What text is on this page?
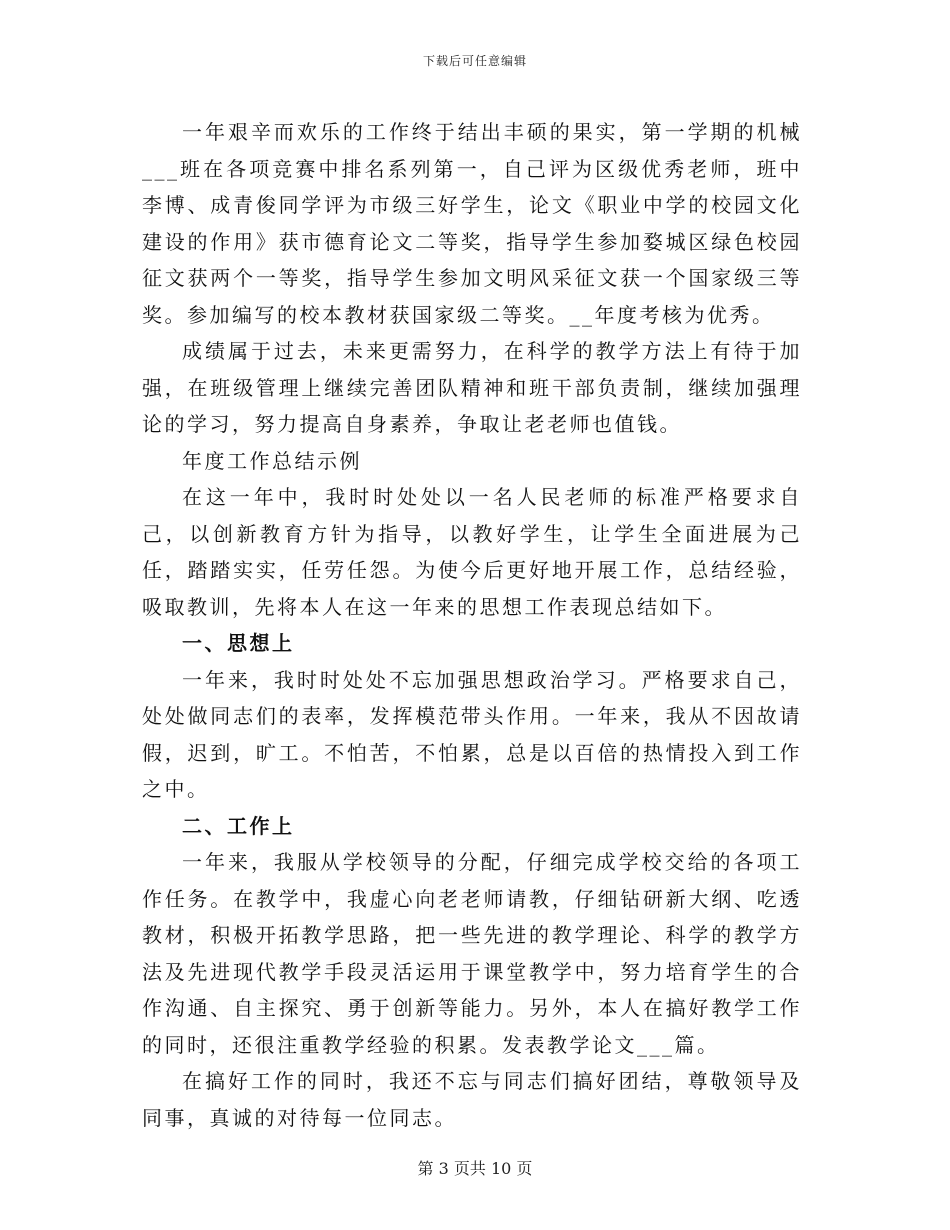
下载后可任意编辑

一年艰辛而欢乐的工作终于结出丰硕的果实，第一学期的机械___班在各项竞赛中排名系列第一，自己评为区级优秀老师，班中李博、成青俊同学评为市级三好学生，论文《职业中学的校园文化建设的作用》获市德育论文二等奖，指导学生参加婺城区绿色校园征文获两个一等奖，指导学生参加文明风采征文获一个国家级三等奖。参加编写的校本教材获国家级二等奖。__年度考核为优秀。

成绩属于过去，未来更需努力，在科学的教学方法上有待于加强，在班级管理上继续完善团队精神和班干部负责制，继续加强理论的学习，努力提高自身素养，争取让老老师也值钱。

年度工作总结示例

在这一年中，我时时处处以一名人民老师的标准严格要求自己，以创新教育方针为指导，以教好学生，让学生全面进展为己任，踏踏实实，任劳任怨。为使今后更好地开展工作，总结经验，吸取教训，先将本人在这一年来的思想工作表现总结如下。

一、思想上

一年来，我时时处处不忘加强思想政治学习。严格要求自己，处处做同志们的表率，发挥模范带头作用。一年来，我从不因故请假，迟到，旷工。不怕苦，不怕累，总是以百倍的热情投入到工作之中。

二、工作上

一年来，我服从学校领导的分配，仔细完成学校交给的各项工作任务。在教学中，我虚心向老老师请教，仔细钻研新大纲、吃透教材，积极开拓教学思路，把一些先进的教学理论、科学的教学方法及先进现代教学手段灵活运用于课堂教学中，努力培育学生的合作沟通、自主探究、勇于创新等能力。另外，本人在搞好教学工作的同时，还很注重教学经验的积累。发表教学论文___篇。

在搞好工作的同时，我还不忘与同志们搞好团结，尊敬领导及同事，真诚的对待每一位同志。

第 3 页共 10 页
